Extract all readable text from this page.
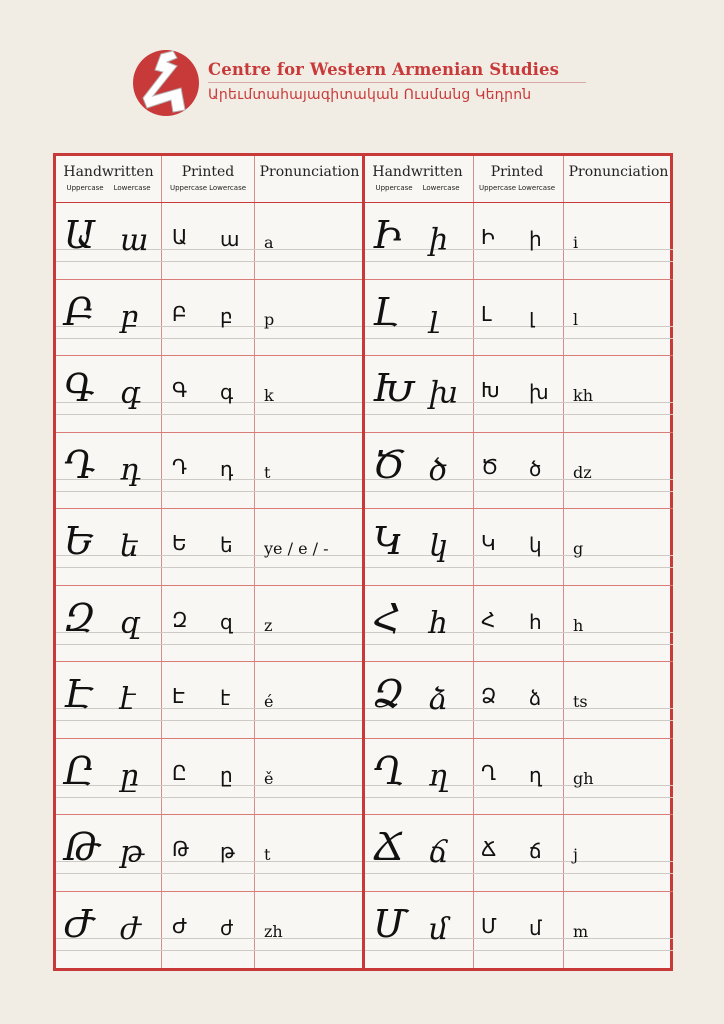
Centre for Western Armenian Studies
Արեւմտահայագիտական Ուսմանց Կեդրոն
Handwritten
Uppercase Lowercase
Printed
Uppercase Lowercase
Pronunciation
Ա ա Ա ա a
Բ բ Բ բ p
Գ գ Գ գ k
Դ դ Դ դ t
Ե ե Ե ե ye / e / -
Զ զ Զ զ z
Է է Է է é
Ը ը Ը ը ě
Թ թ Թ թ t
Ժ ժ Ժ ժ zh
Handwritten
Uppercase Lowercase
Printed
Uppercase Lowercase
Pronunciation
Ի ի Ի ի i
Լ լ Լ լ l
Խ խ Խ խ kh
Ծ ծ Ծ ծ dz
Կ կ Կ կ g
Հ հ Հ հ h
Ձ ձ Ձ ձ ts
Ղ ղ Ղ ղ gh
Ճ ճ Ճ ճ j
Մ մ Մ մ m
